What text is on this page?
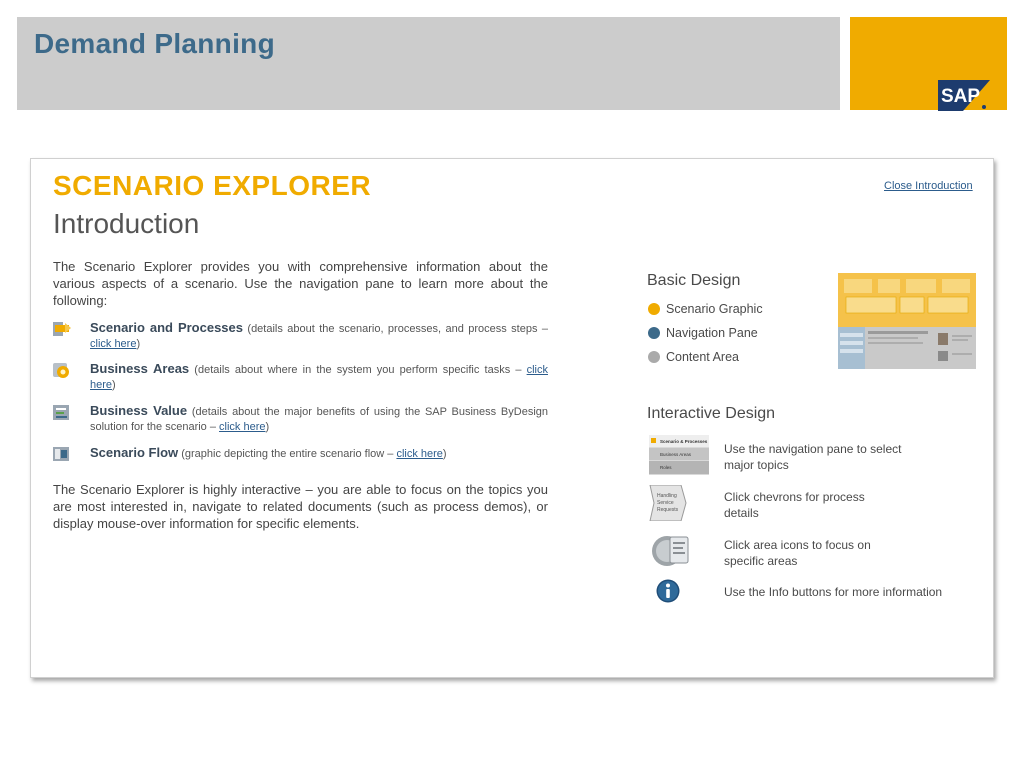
Demand Planning
SAP
Close Introduction
SCENARIO EXPLORER
Introduction
The Scenario Explorer provides you with comprehensive information about the various aspects of a scenario. Use the navigation pane to learn more about the following:
Scenario and Processes (details about the scenario, processes, and process steps – click here)
Business Areas (details about where in the system you perform specific tasks – click here)
Business Value (details about the major benefits of using the SAP Business ByDesign solution for the scenario – click here)
Scenario Flow (graphic depicting the entire scenario flow – click here)
The Scenario Explorer is highly interactive – you are able to focus on the topics you are most interested in, navigate to related documents (such as process demos), or display mouse-over information for specific elements.
Basic Design
Scenario Graphic
Navigation Pane
Content Area
Interactive Design
Scenario & Processes
Business Areas
Roles
Handling
Service
Requests
Use the navigation pane to select major topics
Click chevrons for process details
Click area icons to focus on specific areas
Use the Info buttons for more information
